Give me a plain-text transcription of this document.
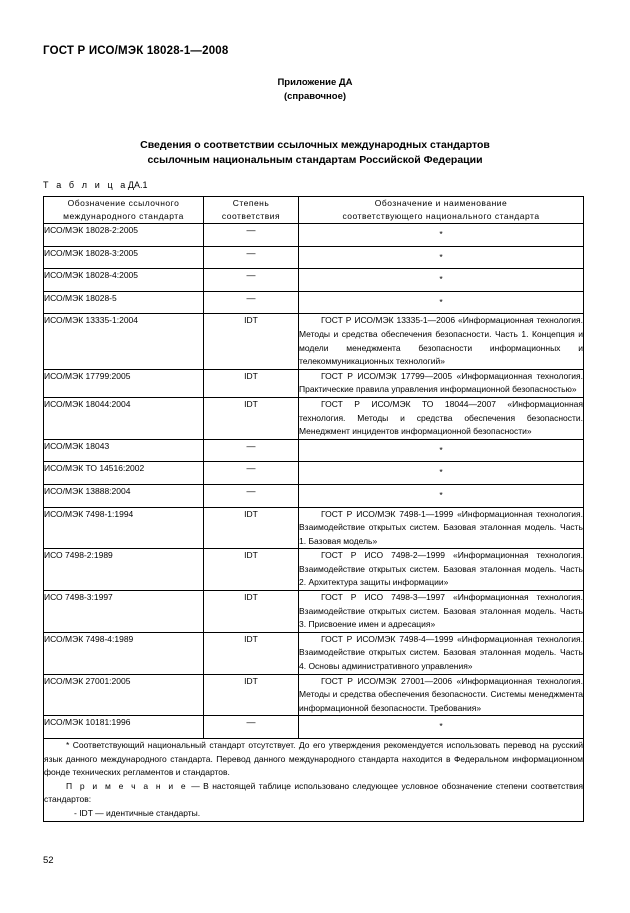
ГОСТ Р ИСО/МЭК 18028-1—2008
Приложение ДА
(справочное)
Сведения о соответствии ссылочных международных стандартов
ссылочным национальным стандартам Российской Федерации
Т а б л и ц аДА.1
Обозначение ссылочного
международного стандарта

Степень
соответствия

Обозначение и наименование
соответствующего национального стандарта

ИСО/МЭК 18028-2:2005	—	*
ИСО/МЭК 18028-3:2005	—	*
ИСО/МЭК 18028-4:2005	—	*
ИСО/МЭК 18028-5	—	*
ИСО/МЭК 13335-1:2004	IDT	ГОСТ Р ИСО/МЭК 13335-1—2006 «Информационная технология. Методы и средства обеспечения безопасности. Часть 1. Концепция и модели менеджмента безопасности информационных и телекоммуникационных технологий»
ИСО/МЭК 17799:2005	IDT	ГОСТ Р ИСО/МЭК 17799—2005 «Информационная технология. Практические правила управления информационной безопасностью»
ИСО/МЭК 18044:2004	IDT	ГОСТ Р ИСО/МЭК ТО 18044—2007 «Информационная технология. Методы и средства обеспечения безопасности. Менеджмент инцидентов информационной безопасности»
ИСО/МЭК 18043	—	*
ИСО/МЭК ТО 14516:2002	—	*
ИСО/МЭК 13888:2004	—	*
ИСО/МЭК 7498-1:1994	IDT	ГОСТ Р ИСО/МЭК 7498-1—1999 «Информационная технология. Взаимодействие открытых систем. Базовая эталонная модель. Часть 1. Базовая модель»
ИСО 7498-2:1989	IDT	ГОСТ Р ИСО 7498-2—1999 «Информационная технология. Взаимодействие открытых систем. Базовая эталонная модель. Часть 2. Архитектура защиты информации»
ИСО 7498-3:1997	IDT	ГОСТ Р ИСО 7498-3—1997 «Информационная технология. Взаимодействие открытых систем. Базовая эталонная модель. Часть 3. Присвоение имен и адресация»
ИСО/МЭК 7498-4:1989	IDT	ГОСТ Р ИСО/МЭК 7498-4—1999 «Информационная технология. Взаимодействие открытых систем. Базовая эталонная модель. Часть 4. Основы административного управления»
ИСО/МЭК 27001:2005	IDT	ГОСТ Р ИСО/МЭК 27001—2006 «Информационная технология. Методы и средства обеспечения безопасности. Системы менеджмента информационной безопасности. Требования»
ИСО/МЭК 10181:1996	—	*

* Соответствующий национальный стандарт отсутствует. До его утверждения рекомендуется использовать перевод на русский язык данного международного стандарта. Перевод данного международного стандарта находится в Федеральном информационном фонде технических регламентов и стандартов.

П р и м е ч а н и е — В настоящей таблице использовано следующее условное обозначение степени соответствия стандартов:

- IDT — идентичные стандарты.		

52
